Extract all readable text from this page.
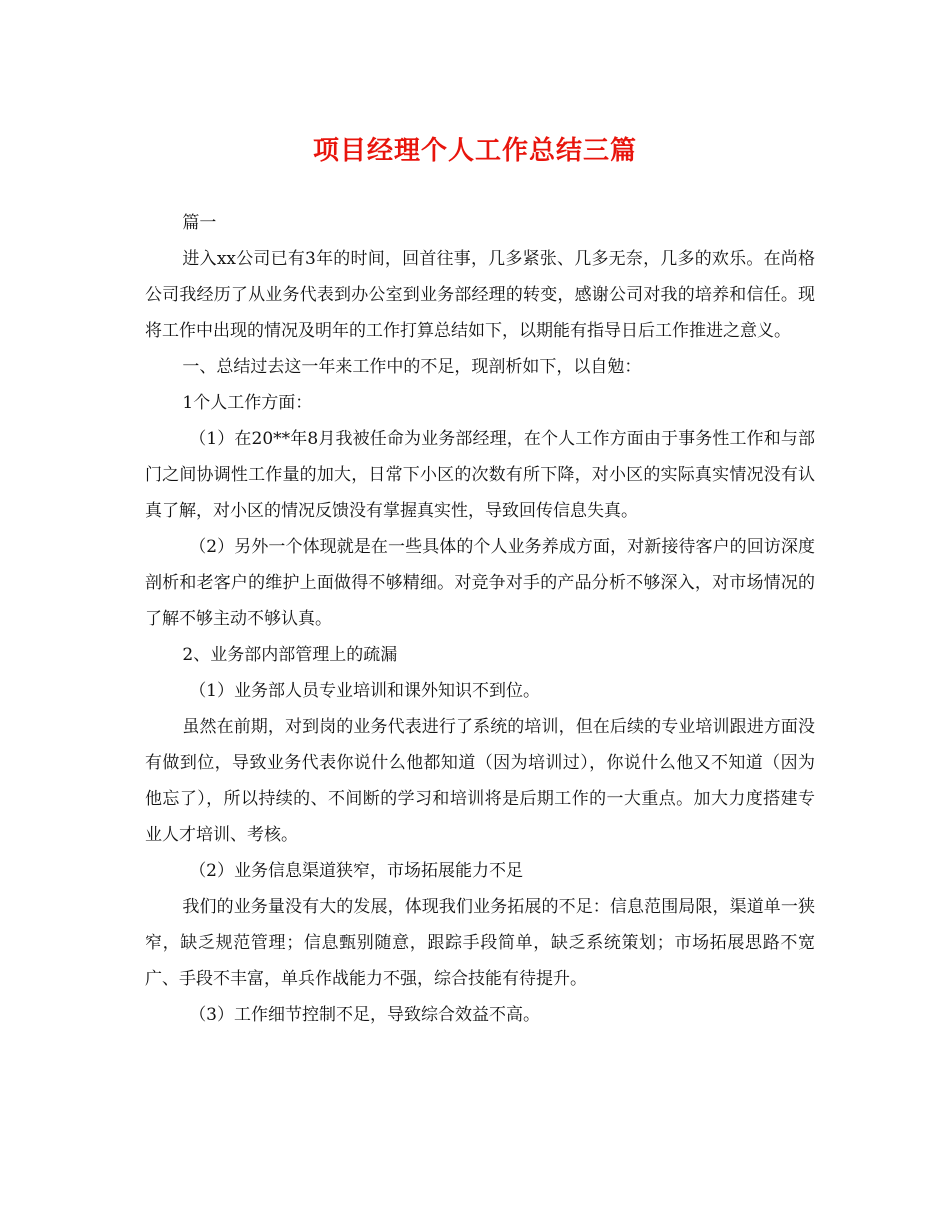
项目经理个人工作总结三篇

篇一

进入xx公司已有3年的时间，回首往事，几多紧张、几多无奈，几多的欢乐。在尚格公司我经历了从业务代表到办公室到业务部经理的转变，感谢公司对我的培养和信任。现将工作中出现的情况及明年的工作打算总结如下，以期能有指导日后工作推进之意义。

一、总结过去这一年来工作中的不足，现剖析如下，以自勉：

1个人工作方面：

（1）在20**年8月我被任命为业务部经理，在个人工作方面由于事务性工作和与部门之间协调性工作量的加大，日常下小区的次数有所下降，对小区的实际真实情况没有认真了解，对小区的情况反馈没有掌握真实性，导致回传信息失真。

（2）另外一个体现就是在一些具体的个人业务养成方面，对新接待客户的回访深度剖析和老客户的维护上面做得不够精细。对竞争对手的产品分析不够深入，对市场情况的了解不够主动不够认真。

2、业务部内部管理上的疏漏

（1）业务部人员专业培训和课外知识不到位。

虽然在前期，对到岗的业务代表进行了系统的培训，但在后续的专业培训跟进方面没有做到位，导致业务代表你说什么他都知道（因为培训过），你说什么他又不知道（因为他忘了），所以持续的、不间断的学习和培训将是后期工作的一大重点。加大力度搭建专业人才培训、考核。

（2）业务信息渠道狭窄，市场拓展能力不足

我们的业务量没有大的发展，体现我们业务拓展的不足：信息范围局限，渠道单一狭窄，缺乏规范管理；信息甄别随意，跟踪手段简单，缺乏系统策划；市场拓展思路不宽广、手段不丰富，单兵作战能力不强，综合技能有待提升。

（3）工作细节控制不足，导致综合效益不高。
